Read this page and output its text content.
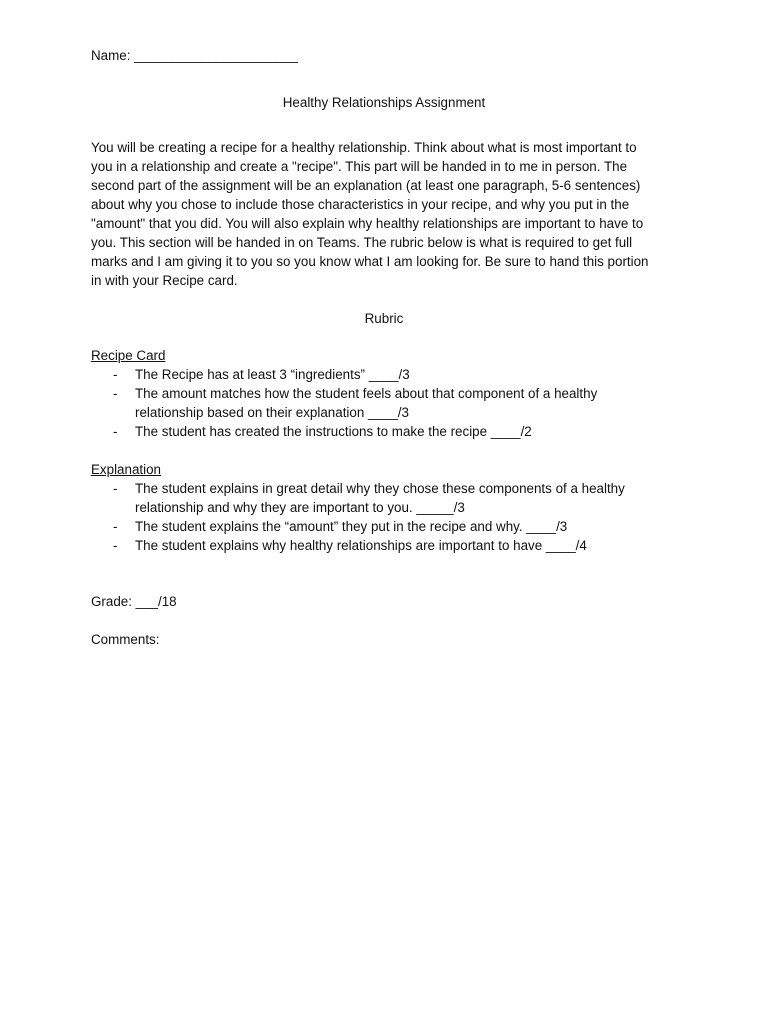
Name: ______________________
Healthy Relationships Assignment
You will be creating a recipe for a healthy relationship. Think about what is most important to
you in a relationship and create a "recipe". This part will be handed in to me in person. The
second part of the assignment will be an explanation (at least one paragraph, 5-6 sentences)
about why you chose to include those characteristics in your recipe, and why you put in the
"amount" that you did. You will also explain why healthy relationships are important to have to
you. This section will be handed in on Teams. The rubric below is what is required to get full
marks and I am giving it to you so you know what I am looking for. Be sure to hand this portion
in with your Recipe card.
Rubric
Recipe Card
- The Recipe has at least 3 “ingredients” ____/3
- The amount matches how the student feels about that component of a healthy
relationship based on their explanation ____/3
- The student has created the instructions to make the recipe ____/2
Explanation
- The student explains in great detail why they chose these components of a healthy
relationship and why they are important to you. _____/3
- The student explains the “amount” they put in the recipe and why. ____/3
- The student explains why healthy relationships are important to have ____/4
Grade: ___/18
Comments:
